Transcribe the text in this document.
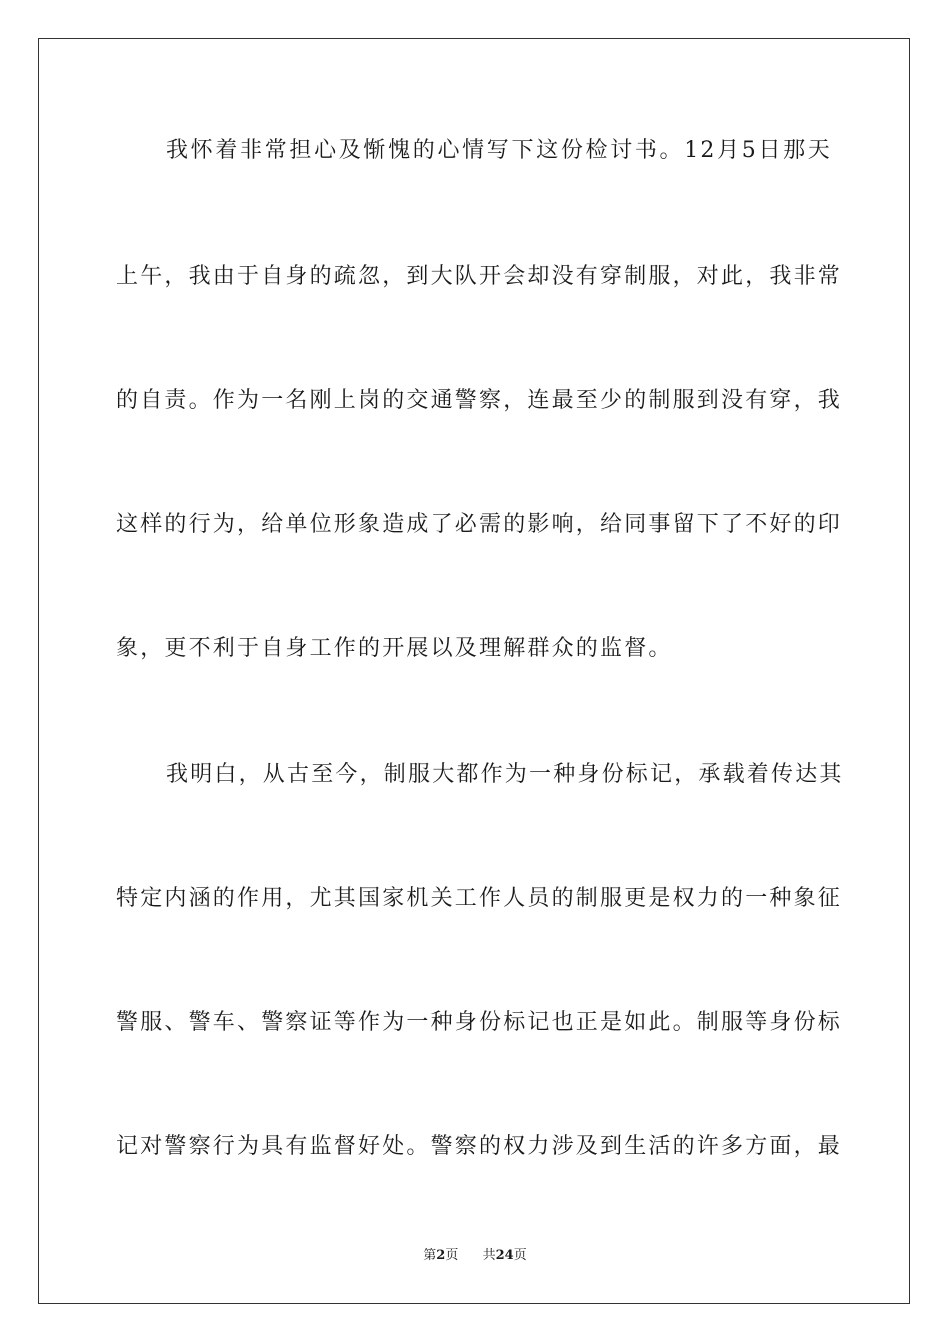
我怀着非常担心及惭愧的心情写下这份检讨书。12月5日那天
上午，我由于自身的疏忽，到大队开会却没有穿制服，对此，我非常
的自责。作为一名刚上岗的交通警察，连最至少的制服到没有穿，我
这样的行为，给单位形象造成了必需的影响，给同事留下了不好的印
象，更不利于自身工作的开展以及理解群众的监督。
我明白，从古至今，制服大都作为一种身份标记，承载着传达其
特定内涵的作用，尤其国家机关工作人员的制服更是权力的一种象征
警服、警车、警察证等作为一种身份标记也正是如此。制服等身份标
记对警察行为具有监督好处。警察的权力涉及到生活的许多方面，最
第2页 共24页
